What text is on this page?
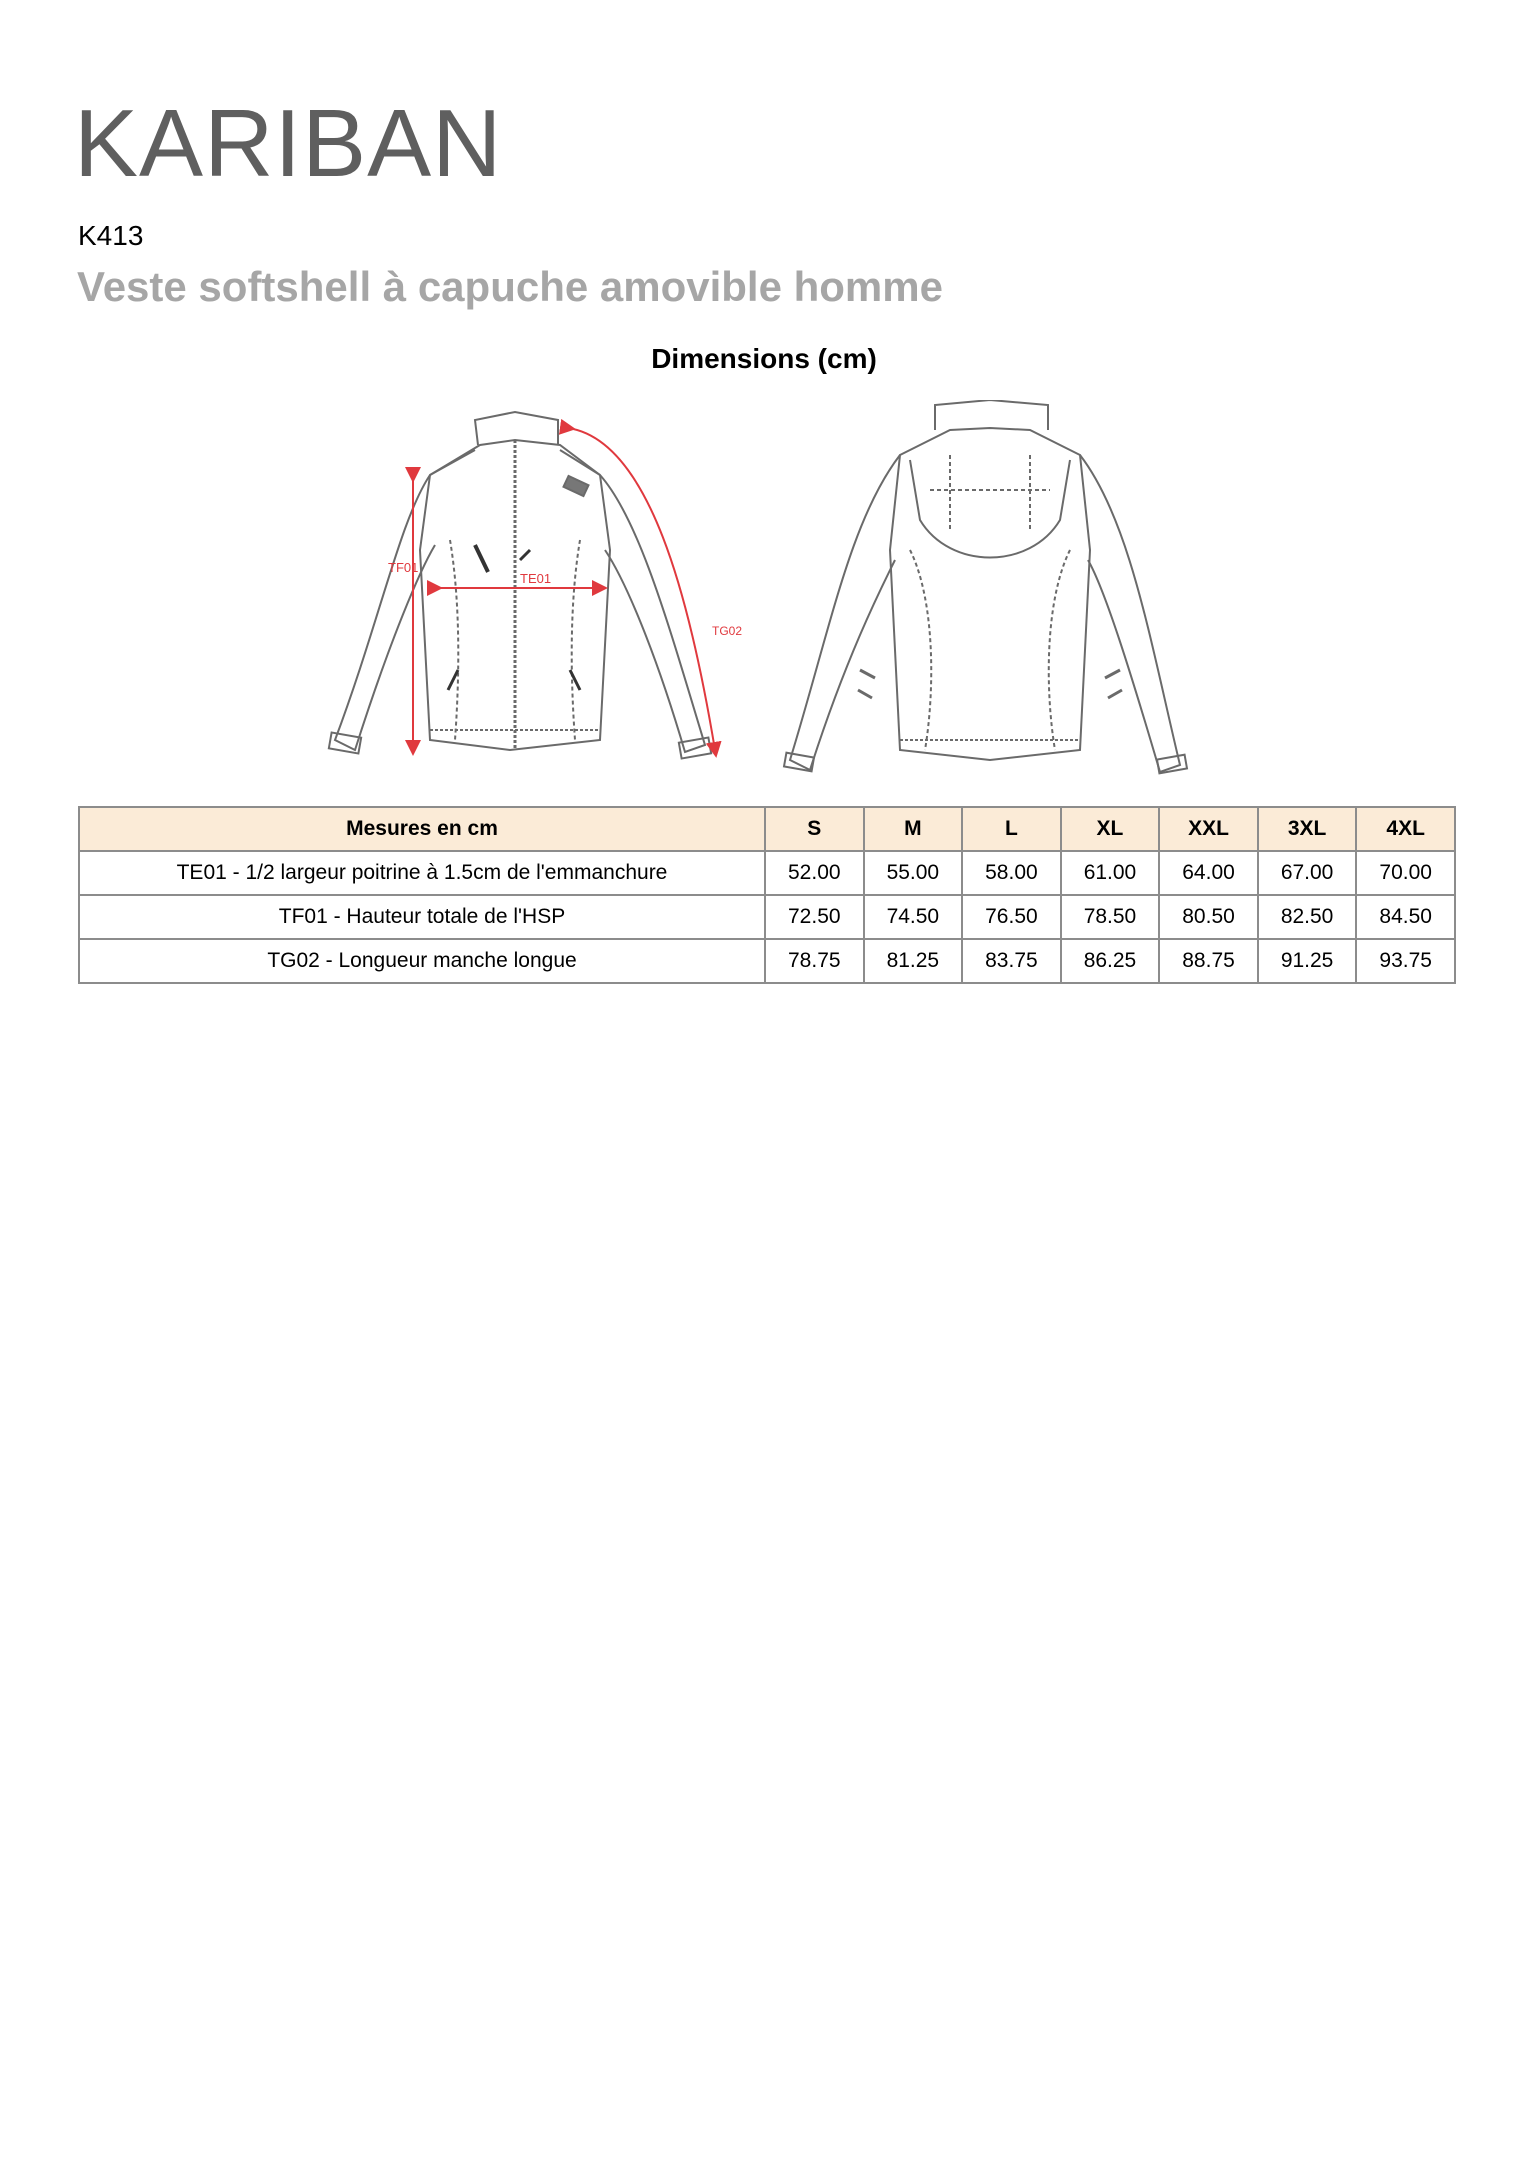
KARIBAN
K413
Veste softshell à capuche amovible homme
Dimensions (cm)
TF01
TE01
TG02
Mesures en cm	S	M	L	XL	XXL	3XL	4XL
TE01 - 1/2 largeur poitrine à 1.5cm de l'emmanchure	52.00	55.00	58.00	61.00	64.00	67.00	70.00
TF01 - Hauteur totale de l'HSP	72.50	74.50	76.50	78.50	80.50	82.50	84.50
TG02 - Longueur manche longue	78.75	81.25	83.75	86.25	88.75	91.25	93.75
